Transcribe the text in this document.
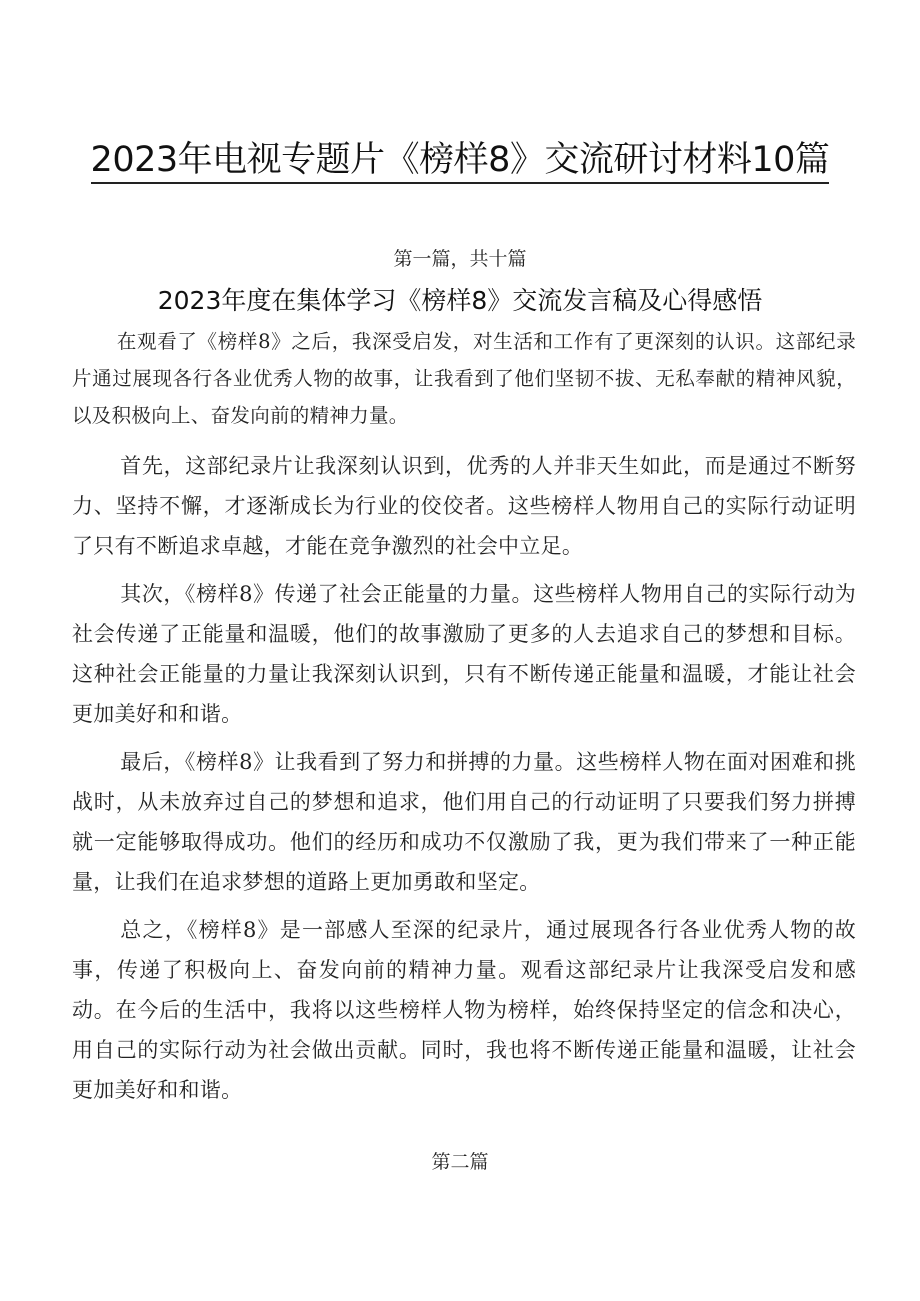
2023年电视专题片《榜样8》交流研讨材料10篇
第一篇，共十篇
2023年度在集体学习《榜样8》交流发言稿及心得感悟

在观看了《榜样8》之后，我深受启发，对生活和工作有了更深刻的认识。这部纪录片通过展现各行各业优秀人物的故事，让我看到了他们坚韧不拔、无私奉献的精神风貌，以及积极向上、奋发向前的精神力量。

首先，这部纪录片让我深刻认识到，优秀的人并非天生如此，而是通过不断努力、坚持不懈，才逐渐成长为行业的佼佼者。这些榜样人物用自己的实际行动证明了只有不断追求卓越，才能在竞争激烈的社会中立足。

其次，《榜样8》传递了社会正能量的力量。这些榜样人物用自己的实际行动为社会传递了正能量和温暖，他们的故事激励了更多的人去追求自己的梦想和目标。这种社会正能量的力量让我深刻认识到，只有不断传递正能量和温暖，才能让社会更加美好和和谐。

最后，《榜样8》让我看到了努力和拼搏的力量。这些榜样人物在面对困难和挑战时，从未放弃过自己的梦想和追求，他们用自己的行动证明了只要我们努力拼搏就一定能够取得成功。他们的经历和成功不仅激励了我，更为我们带来了一种正能量，让我们在追求梦想的道路上更加勇敢和坚定。

总之，《榜样8》是一部感人至深的纪录片，通过展现各行各业优秀人物的故事，传递了积极向上、奋发向前的精神力量。观看这部纪录片让我深受启发和感动。在今后的生活中，我将以这些榜样人物为榜样，始终保持坚定的信念和决心，用自己的实际行动为社会做出贡献。同时，我也将不断传递正能量和温暖，让社会更加美好和和谐。

第二篇
